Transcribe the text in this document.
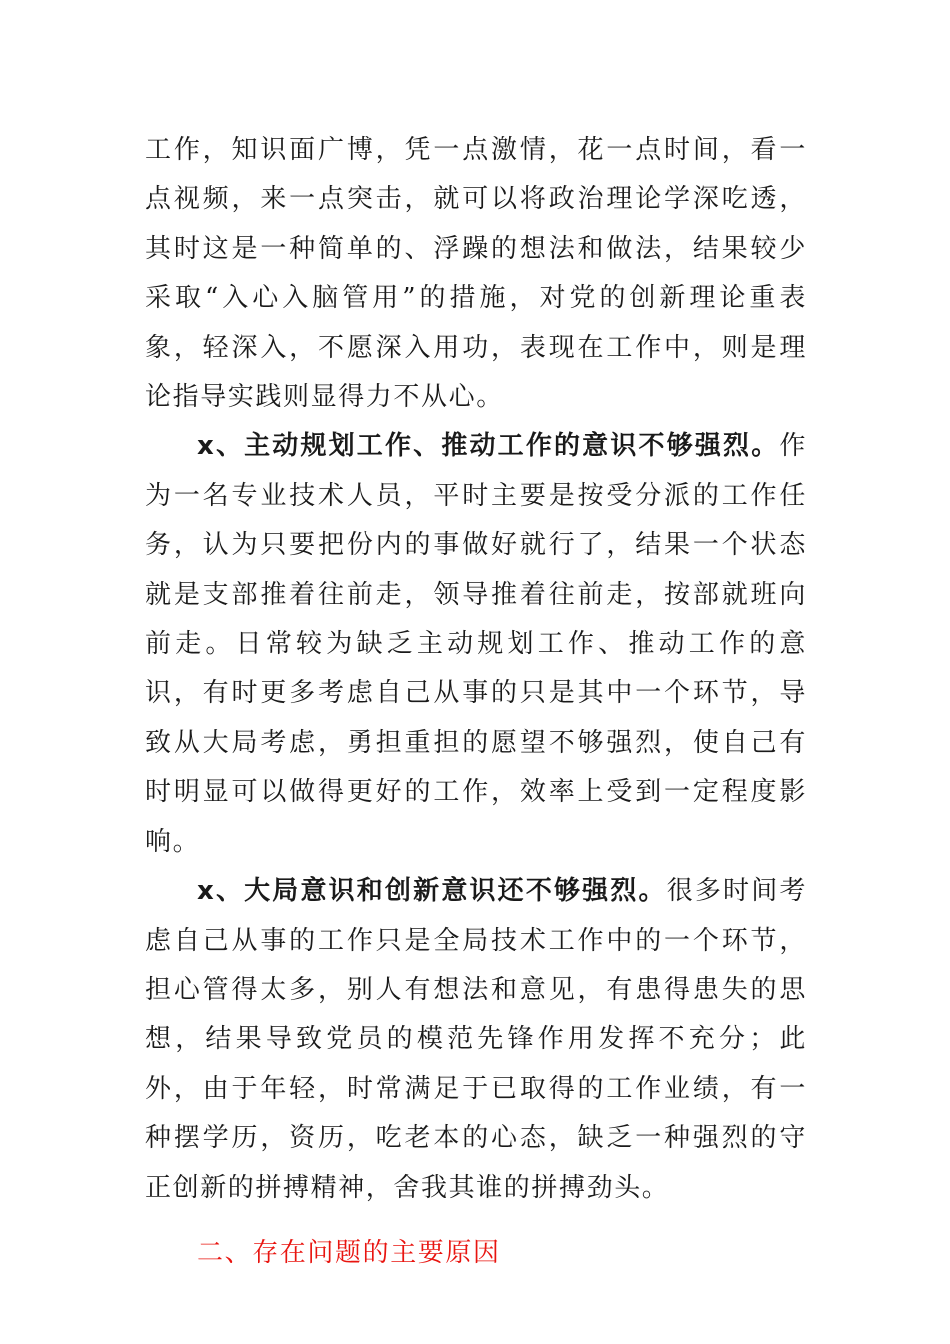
工作，知识面广博，凭一点激情，花一点时间，看一点视频，来一点突击，就可以将政治理论学深吃透，其时这是一种简单的、浮躁的想法和做法，结果较少采取“入心入脑管用”的措施，对党的创新理论重表象，轻深入，不愿深入用功，表现在工作中，则是理论指导实践则显得力不从心。

x、主动规划工作、推动工作的意识不够强烈。作为一名专业技术人员，平时主要是按受分派的工作任务，认为只要把份内的事做好就行了，结果一个状态就是支部推着往前走，领导推着往前走，按部就班向前走。日常较为缺乏主动规划工作、推动工作的意识，有时更多考虑自己从事的只是其中一个环节，导致从大局考虑，勇担重担的愿望不够强烈，使自己有时明显可以做得更好的工作，效率上受到一定程度影响。

x、大局意识和创新意识还不够强烈。很多时间考虑自己从事的工作只是全局技术工作中的一个环节，担心管得太多，别人有想法和意见，有患得患失的思想，结果导致党员的模范先锋作用发挥不充分；此外，由于年轻，时常满足于已取得的工作业绩，有一种摆学历，资历，吃老本的心态，缺乏一种强烈的守正创新的拼搏精神，舍我其谁的拼搏劲头。

二、存在问题的主要原因
